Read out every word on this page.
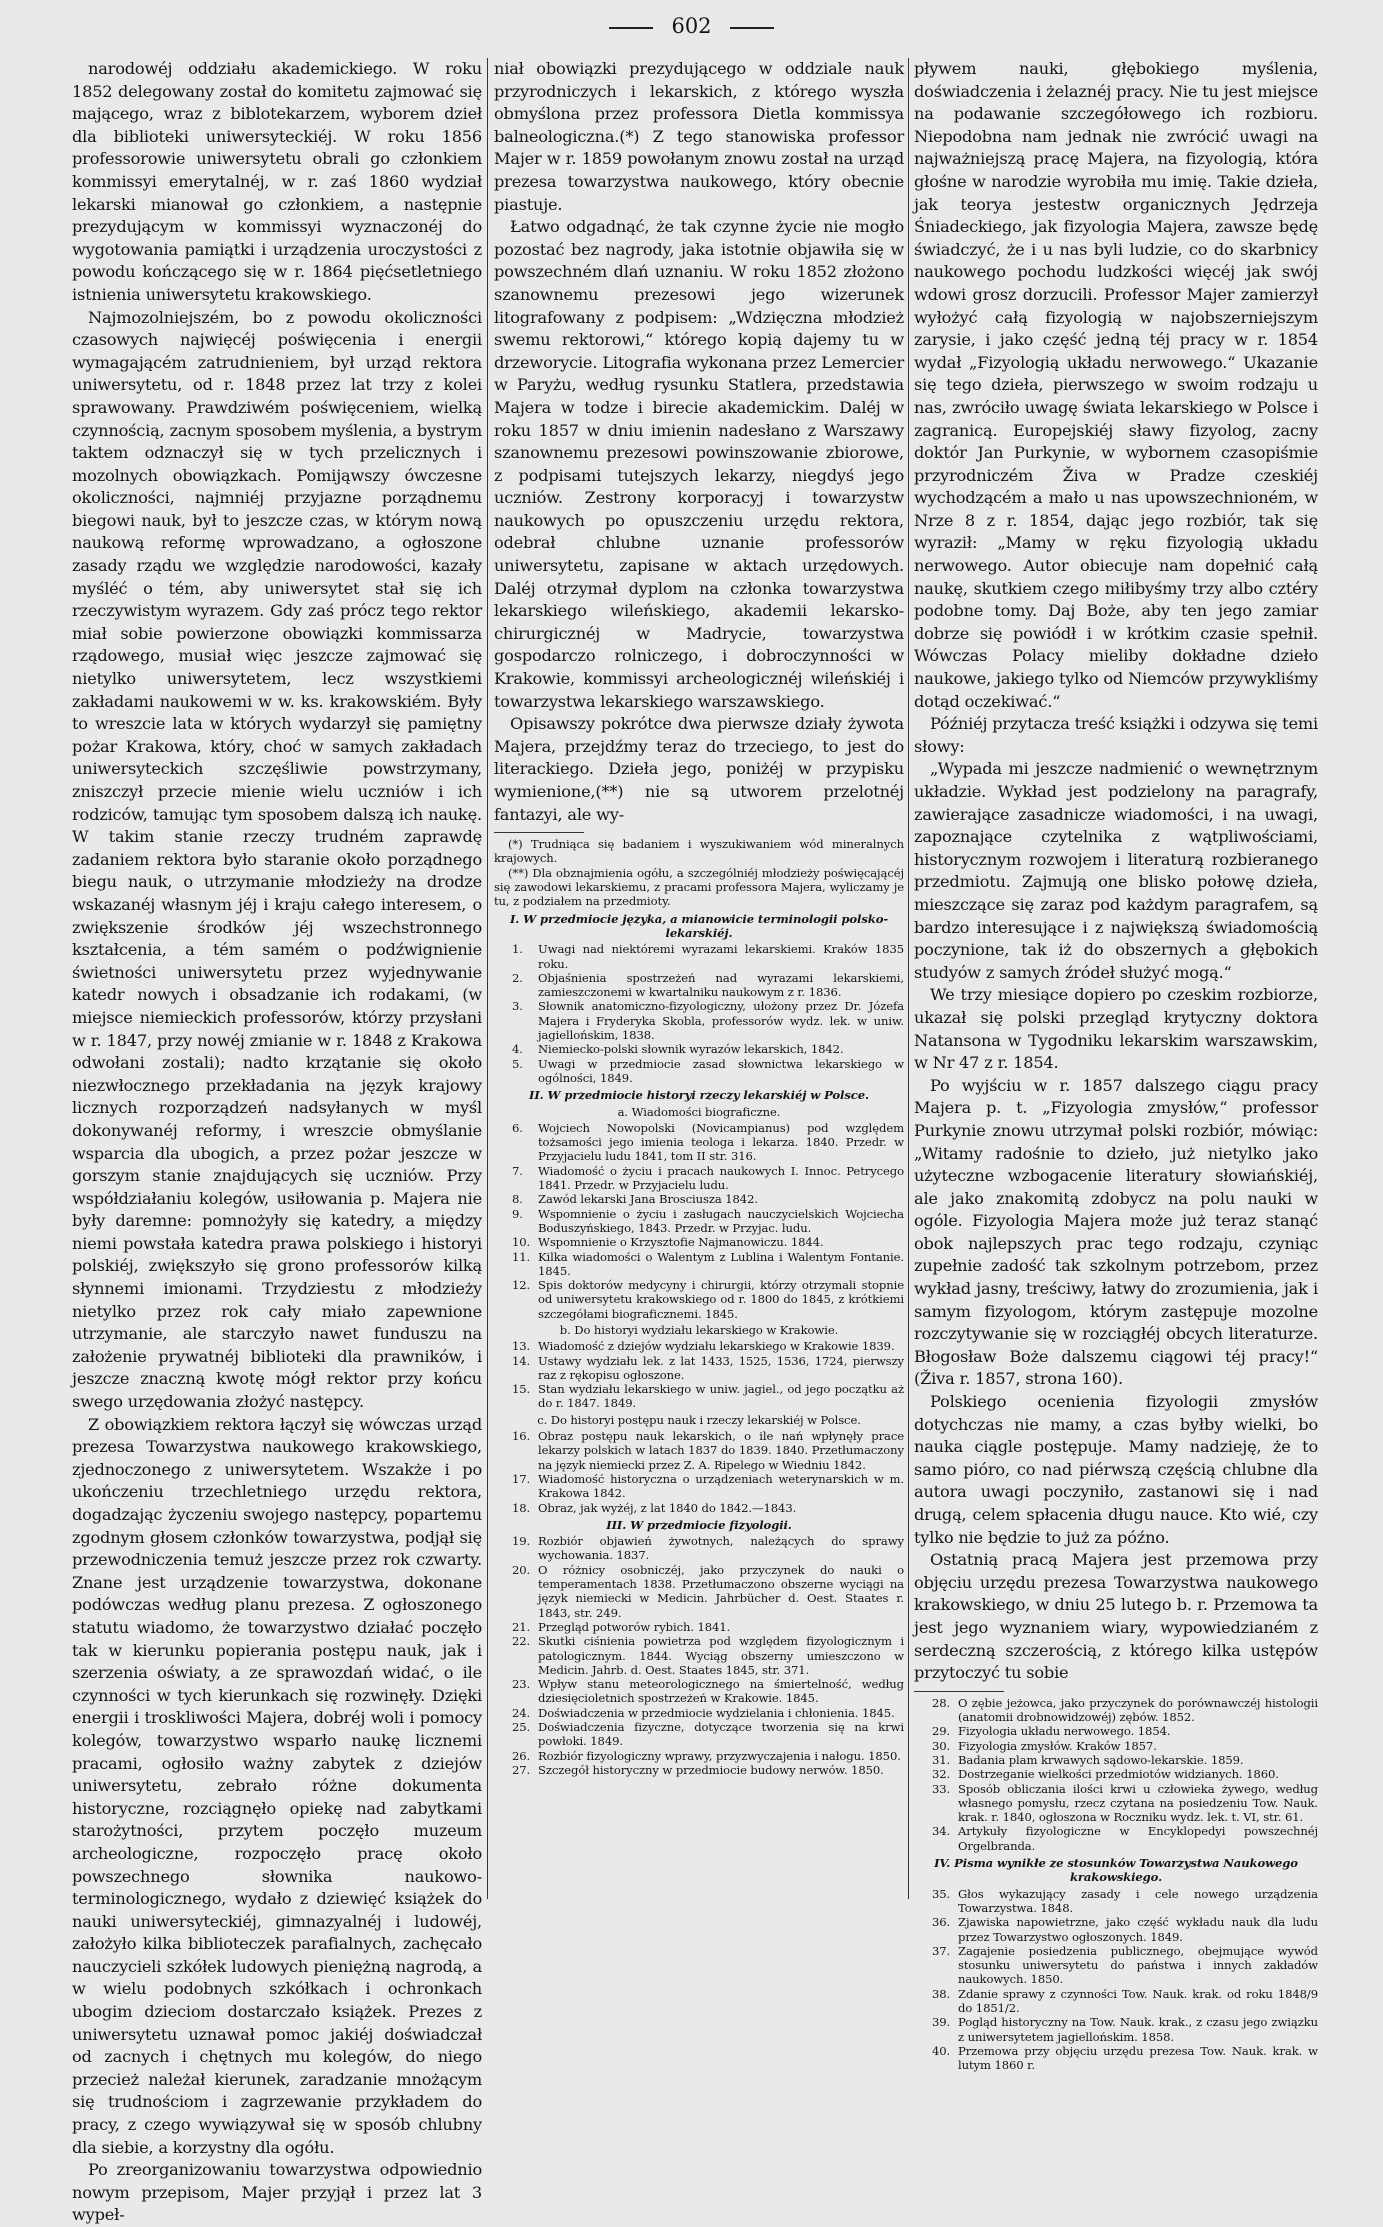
602

narodowéj oddziału akademickiego. W roku 1852 delegowany został do komitetu zajmować się mającego, wraz z biblotekarzem, wyborem dzieł dla biblioteki uniwersyteckiéj. W roku 1856 professorowie uniwersytetu obrali go członkiem kommissyi emerytalnéj, w r. zaś 1860 wydział lekarski mianował go członkiem, a następnie prezydującym w kommissyi wyznaczonéj do wygotowania pamiątki i urządzenia uroczystości z powodu kończącego się w r. 1864 pięćsetletniego istnienia uniwersytetu krakowskiego.

Najmozolniejszém, bo z powodu okoliczności czasowych najwięcéj poświęcenia i energii wymagającém zatrudnieniem, był urząd rektora uniwersytetu, od r. 1848 przez lat trzy z kolei sprawowany. Prawdziwém poświęceniem, wielką czynnością, zacnym sposobem myślenia, a bystrym taktem odznaczył się w tych przelicznych i mozolnych obowiązkach. Pomijąwszy ówczesne okoliczności, najmniéj przyjazne porządnemu biegowi nauk, był to jeszcze czas, w którym nową naukową reformę wprowadzano, a ogłoszone zasady rządu we względzie narodowości, kazały myśléć o tém, aby uniwersytet stał się ich rzeczywistym wyrazem. Gdy zaś prócz tego rektor miał sobie powierzone obowiązki kommissarza rządowego, musiał więc jeszcze zajmować się nietylko uniwersytetem, lecz wszystkiemi zakładami naukowemi w w. ks. krakowskiém. Były to wreszcie lata w których wydarzył się pamiętny pożar Krakowa, który, choć w samych zakładach uniwersyteckich szczęśliwie powstrzymany, zniszczył przecie mienie wielu uczniów i ich rodziców, tamując tym sposobem dalszą ich naukę. W takim stanie rzeczy trudném zaprawdę zadaniem rektora było staranie około porządnego biegu nauk, o utrzymanie młodzieży na drodze wskazanéj własnym jéj i kraju całego interesem, o zwiększenie środków jéj wszechstronnego kształcenia, a tém samém o podźwignienie świetności uniwersytetu przez wyjednywanie katedr nowych i obsadzanie ich rodakami, (w miejsce niemieckich professorów, którzy przysłani w r. 1847, przy nowéj zmianie w r. 1848 z Krakowa odwołani zostali); nadto krzątanie się około niezwłocznego przekładania na język krajowy licznych rozporządzeń nadsyłanych w myśl dokonywanéj reformy, i wreszcie obmyślanie wsparcia dla ubogich, a przez pożar jeszcze w gorszym stanie znajdujących się uczniów. Przy współdziałaniu kolegów, usiłowania p. Majera nie były daremne: pomnożyły się katedry, a między niemi powstała katedra prawa polskiego i historyi polskiéj, zwiększyło się grono professorów kilką słynnemi imionami. Trzydziestu z młodzieży nietylko przez rok cały miało zapewnione utrzymanie, ale starczyło nawet funduszu na założenie prywatnéj biblioteki dla prawników, i jeszcze znaczną kwotę mógł rektor przy końcu swego urzędowania złożyć następcy.

Z obowiązkiem rektora łączył się wówczas urząd prezesa Towarzystwa naukowego krakowskiego, zjednoczonego z uniwersytetem. Wszakże i po ukończeniu trzechletniego urzędu rektora, dogadzając życzeniu swojego następcy, popartemu zgodnym głosem członków towarzystwa, podjął się przewodniczenia temuż jeszcze przez rok czwarty. Znane jest urządzenie towarzystwa, dokonane podówczas według planu prezesa. Z ogłoszonego statutu wiadomo, że towarzystwo działać poczęło tak w kierunku popierania postępu nauk, jak i szerzenia oświaty, a ze sprawozdań widać, o ile czynności w tych kierunkach się rozwinęły. Dzięki energii i troskliwości Majera, dobréj woli i pomocy kolegów, towarzystwo wsparło naukę licznemi pracami, ogłosiło ważny zabytek z dziejów uniwersytetu, zebrało różne dokumenta historyczne, rozciągnęło opiekę nad zabytkami starożytności, przytem poczęło muzeum archeologiczne, rozpoczęło pracę około powszechnego słownika naukowo-terminologicznego, wydało z dziewięć książek do nauki uniwersyteckiéj, gimnazyalnéj i ludowéj, założyło kilka biblioteczek parafialnych, zachęcało nauczycieli szkółek ludowych pieniężną nagrodą, a w wielu podobnych szkółkach i ochronkach ubogim dzieciom dostarczało książek. Prezes z uniwersytetu uznawał pomoc jakiéj doświadczał od zacnych i chętnych mu kolegów, do niego przecież należał kierunek, zaradzanie mnożącym się trudnościom i zagrzewanie przykładem do pracy, z czego wywiązywał się w sposób chlubny dla siebie, a korzystny dla ogółu.

Po zreorganizowaniu towarzystwa odpowiednio nowym przepisom, Majer przyjął i przez lat 3 wypeł-

niał obowiązki prezydującego w oddziale nauk przyrodniczych i lekarskich, z którego wyszła obmyślona przez professora Dietla kommissya balneologiczna.(*) Z tego stanowiska professor Majer w r. 1859 powołanym znowu został na urząd prezesa towarzystwa naukowego, który obecnie piastuje.

Łatwo odgadnąć, że tak czynne życie nie mogło pozostać bez nagrody, jaka istotnie objawiła się w powszechném dlań uznaniu. W roku 1852 złożono szanownemu prezesowi jego wizerunek litografowany z podpisem: „Wdzięczna młodzież swemu rektorowi,“ którego kopią dajemy tu w drzeworycie. Litografia wykonana przez Lemercier w Paryżu, według rysunku Statlera, przedstawia Majera w todze i birecie akademickim. Daléj w roku 1857 w dniu imienin nadesłano z Warszawy szanownemu prezesowi powinszowanie zbiorowe, z podpisami tutejszych lekarzy, niegdyś jego uczniów. Zestrony korporacyj i towarzystw naukowych po opuszczeniu urzędu rektora, odebrał chlubne uznanie professorów uniwersytetu, zapisane w aktach urzędowych. Daléj otrzymał dyplom na członka towarzystwa lekarskiego wileńskiego, akademii lekarsko-chirurgicznéj w Madrycie, towarzystwa gospodarczo rolniczego, i dobroczynności w Krakowie, kommissyi archeologicznéj wileńskiéj i towarzystwa lekarskiego warszawskiego.

Opisawszy pokrótce dwa pierwsze działy żywota Majera, przejdźmy teraz do trzeciego, to jest do literackiego. Dzieła jego, poniżéj w przypisku wymienione,(**) nie są utworem przelotnéj fantazyi, ale wy-

(*) Trudniąca się badaniem i wyszukiwaniem wód mineralnych krajowych.

(**) Dla obznajmienia ogółu, a szczególniéj młodzieży poświęcającéj się zawodowi lekarskiemu, z pracami professora Majera, wyliczamy je tu, z podziałem na przedmioty.

I. W przedmiocie języka, a mianowicie terminologii polsko-lekarskiéj.
1. Uwagi nad niektóremi wyrazami lekarskiemi. Kraków 1835 roku.
2. Objaśnienia spostrzeżeń nad wyrazami lekarskiemi, zamieszczonemi w kwartalniku naukowym z r. 1836.
3. Słownik anatomiczno-fizyologiczny, ułożony przez Dr. Józefa Majera i Fryderyka Skobla, professorów wydz. lek. w uniw. jagiellońskim, 1838.
4. Niemiecko-polski słownik wyrazów lekarskich, 1842.
5. Uwagi w przedmiocie zasad słownictwa lekarskiego w ogólności, 1849.
II. W przedmiocie historyi rzeczy lekarskiéj w Polsce.
a. Wiadomości biograficzne.
6. Wojciech Nowopolski (Novicampianus) pod względem tożsamości jego imienia teologa i lekarza. 1840. Przedr. w Przyjacielu ludu 1841, tom II str. 316.
7. Wiadomość o życiu i pracach naukowych I. Innoc. Petrycego 1841. Przedr. w Przyjacielu ludu.
8. Zawód lekarski Jana Brosciusza 1842.
9. Wspomnienie o życiu i zasługach nauczycielskich Wojciecha Boduszyńskiego, 1843. Przedr. w Przyjac. ludu.
10. Wspomnienie o Krzysztofie Najmanowiczu. 1844.
11. Kilka wiadomości o Walentym z Lublina i Walentym Fontanie. 1845.
12. Spis doktorów medycyny i chirurgii, którzy otrzymali stopnie od uniwersytetu krakowskiego od r. 1800 do 1845, z krótkiemi szczegółami biograficznemi. 1845.
b. Do historyi wydziału lekarskiego w Krakowie.
13. Wiadomość z dziejów wydziału lekarskiego w Krakowie 1839.
14. Ustawy wydziału lek. z lat 1433, 1525, 1536, 1724, pierwszy raz z rękopisu ogłoszone.
15. Stan wydziału lekarskiego w uniw. jagiel., od jego początku aż do r. 1847. 1849.
c. Do historyi postępu nauk i rzeczy lekarskiéj w Polsce.
16. Obraz postępu nauk lekarskich, o ile nań wpłynęły prace lekarzy polskich w latach 1837 do 1839. 1840. Przetłumaczony na język niemiecki przez Z. A. Ripelego w Wiedniu 1842.
17. Wiadomość historyczna o urządzeniach weterynarskich w m. Krakowa 1842.
18. Obraz, jak wyżéj, z lat 1840 do 1842.—1843.
III. W przedmiocie fizyologii.
19. Rozbiór objawień żywotnych, należących do sprawy wychowania. 1837.
20. O różnicy osobniczéj, jako przyczynek do nauki o temperamentach 1838. Przetłumaczono obszerne wyciągi na język niemiecki w Medicin. Jahrbücher d. Oest. Staates r. 1843, str. 249.
21. Przegląd potworów rybich. 1841.
22. Skutki ciśnienia powietrza pod względem fizyologicznym i patologicznym. 1844. Wyciąg obszerny umieszczono w Medicin. Jahrb. d. Oest. Staates 1845, str. 371.
23. Wpływ stanu meteorologicznego na śmiertelność, według dziesięcioletnich spostrzeżeń w Krakowie. 1845.
24. Doświadczenia w przedmiocie wydzielania i chłonienia. 1845.
25. Doświadczenia fizyczne, dotyczące tworzenia się na krwi powłoki. 1849.
26. Rozbiór fizyologiczny wprawy, przyzwyczajenia i nałogu. 1850.
27. Szczegół historyczny w przedmiocie budowy nerwów. 1850.

pływem nauki, głębokiego myślenia, doświadczenia i żelaznéj pracy. Nie tu jest miejsce na podawanie szczegółowego ich rozbioru. Niepodobna nam jednak nie zwrócić uwagi na najważniejszą pracę Majera, na fizyologią, która głośne w narodzie wyrobiła mu imię. Takie dzieła, jak teorya jestestw organicznych Jędrzeja Śniadeckiego, jak fizyologia Majera, zawsze będę świadczyć, że i u nas byli ludzie, co do skarbnicy naukowego pochodu ludzkości więcéj jak swój wdowi grosz dorzucili. Professor Majer zamierzył wyłożyć całą fizyologią w najobszerniejszym zarysie, i jako część jedną téj pracy w r. 1854 wydał „Fizyologią układu nerwowego.“ Ukazanie się tego dzieła, pierwszego w swoim rodzaju u nas, zwróciło uwagę świata lekarskiego w Polsce i zagranicą. Europejskiéj sławy fizyolog, zacny doktór Jan Purkynie, w wybornem czasopiśmie przyrodniczém Živa w Pradze czeskiéj wychodzącém a mało u nas upowszechnioném, w Nrze 8 z r. 1854, dając jego rozbiór, tak się wyraził: „Mamy w ręku fizyologią układu nerwowego. Autor obiecuje nam dopełnić całą naukę, skutkiem czego miłibyśmy trzy albo cztéry podobne tomy. Daj Boże, aby ten jego zamiar dobrze się powiódł i w krótkim czasie spełnił. Wówczas Polacy mieliby dokładne dzieło naukowe, jakiego tylko od Niemców przywykliśmy dotąd oczekiwać.“

Późniéj przytacza treść książki i odzywa się temi słowy:

„Wypada mi jeszcze nadmienić o wewnętrznym układzie. Wykład jest podzielony na paragrafy, zawierające zasadnicze wiadomości, i na uwagi, zapoznające czytelnika z wątpliwościami, historycznym rozwojem i literaturą rozbieranego przedmiotu. Zajmują one blisko połowę dzieła, mieszczące się zaraz pod każdym paragrafem, są bardzo interesujące i z największą świadomością poczynione, tak iż do obszernych a głębokich studyów z samych źródeł służyć mogą.“

We trzy miesiące dopiero po czeskim rozbiorze, ukazał się polski przegląd krytyczny doktora Natansona w Tygodniku lekarskim warszawskim, w Nr 47 z r. 1854.

Po wyjściu w r. 1857 dalszego ciągu pracy Majera p. t. „Fizyologia zmysłów,“ professor Purkynie znowu utrzymał polski rozbiór, mówiąc: „Witamy radośnie to dzieło, już nietylko jako użyteczne wzbogacenie literatury słowiańskiéj, ale jako znakomitą zdobycz na polu nauki w ogóle. Fizyologia Majera może już teraz stanąć obok najlepszych prac tego rodzaju, czyniąc zupełnie zadość tak szkolnym potrzebom, przez wykład jasny, treściwy, łatwy do zrozumienia, jak i samym fizyologom, którym zastępuje mozolne rozczytywanie się w rozciągłéj obcych literaturze. Błogosław Boże dalszemu ciągowi téj pracy!“ (Živa r. 1857, strona 160).

Polskiego ocenienia fizyologii zmysłów dotychczas nie mamy, a czas byłby wielki, bo nauka ciągle postępuje. Mamy nadzieję, że to samo pióro, co nad piérwszą częścią chlubne dla autora uwagi poczyniło, zastanowi się i nad drugą, celem spłacenia długu nauce. Kto wié, czy tylko nie będzie to już za późno.

Ostatnią pracą Majera jest przemowa przy objęciu urzędu prezesa Towarzystwa naukowego krakowskiego, w dniu 25 lutego b. r. Przemowa ta jest jego wyznaniem wiary, wypowiedzianém z serdeczną szczerością, z którego kilka ustępów przytoczyć tu sobie

28. O zębie jeżowca, jako przyczynek do porównawczéj histologii (anatomii drobnowidzowéj) zębów. 1852.
29. Fizyologia układu nerwowego. 1854.
30. Fizyologia zmysłów. Kraków 1857.
31. Badania plam krwawych sądowo-lekarskie. 1859.
32. Dostrzeganie wielkości przedmiotów widzianych. 1860.
33. Sposób obliczania ilości krwi u człowieka żywego, według własnego pomysłu, rzecz czytana na posiedzeniu Tow. Nauk. krak. r. 1840, ogłoszona w Roczniku wydz. lek. t. VI, str. 61.
34. Artykuły fizyologiczne w Encyklopedyi powszechnéj Orgelbranda.
IV. Pisma wynikłe ze stosunków Towarzystwa Naukowego krakowskiego.
35. Głos wykazujący zasady i cele nowego urządzenia Towarzystwa. 1848.
36. Zjawiska napowietrzne, jako część wykładu nauk dla ludu przez Towarzystwo ogłoszonych. 1849.
37. Zagajenie posiedzenia publicznego, obejmujące wywód stosunku uniwersytetu do państwa i innych zakładów naukowych. 1850.
38. Zdanie sprawy z czynności Tow. Nauk. krak. od roku 1848/9 do 1851/2.
39. Pogląd historyczny na Tow. Nauk. krak., z czasu jego związku z uniwersytetem jagiellońskim. 1858.
40. Przemowa przy objęciu urzędu prezesa Tow. Nauk. krak. w lutym 1860 r.
